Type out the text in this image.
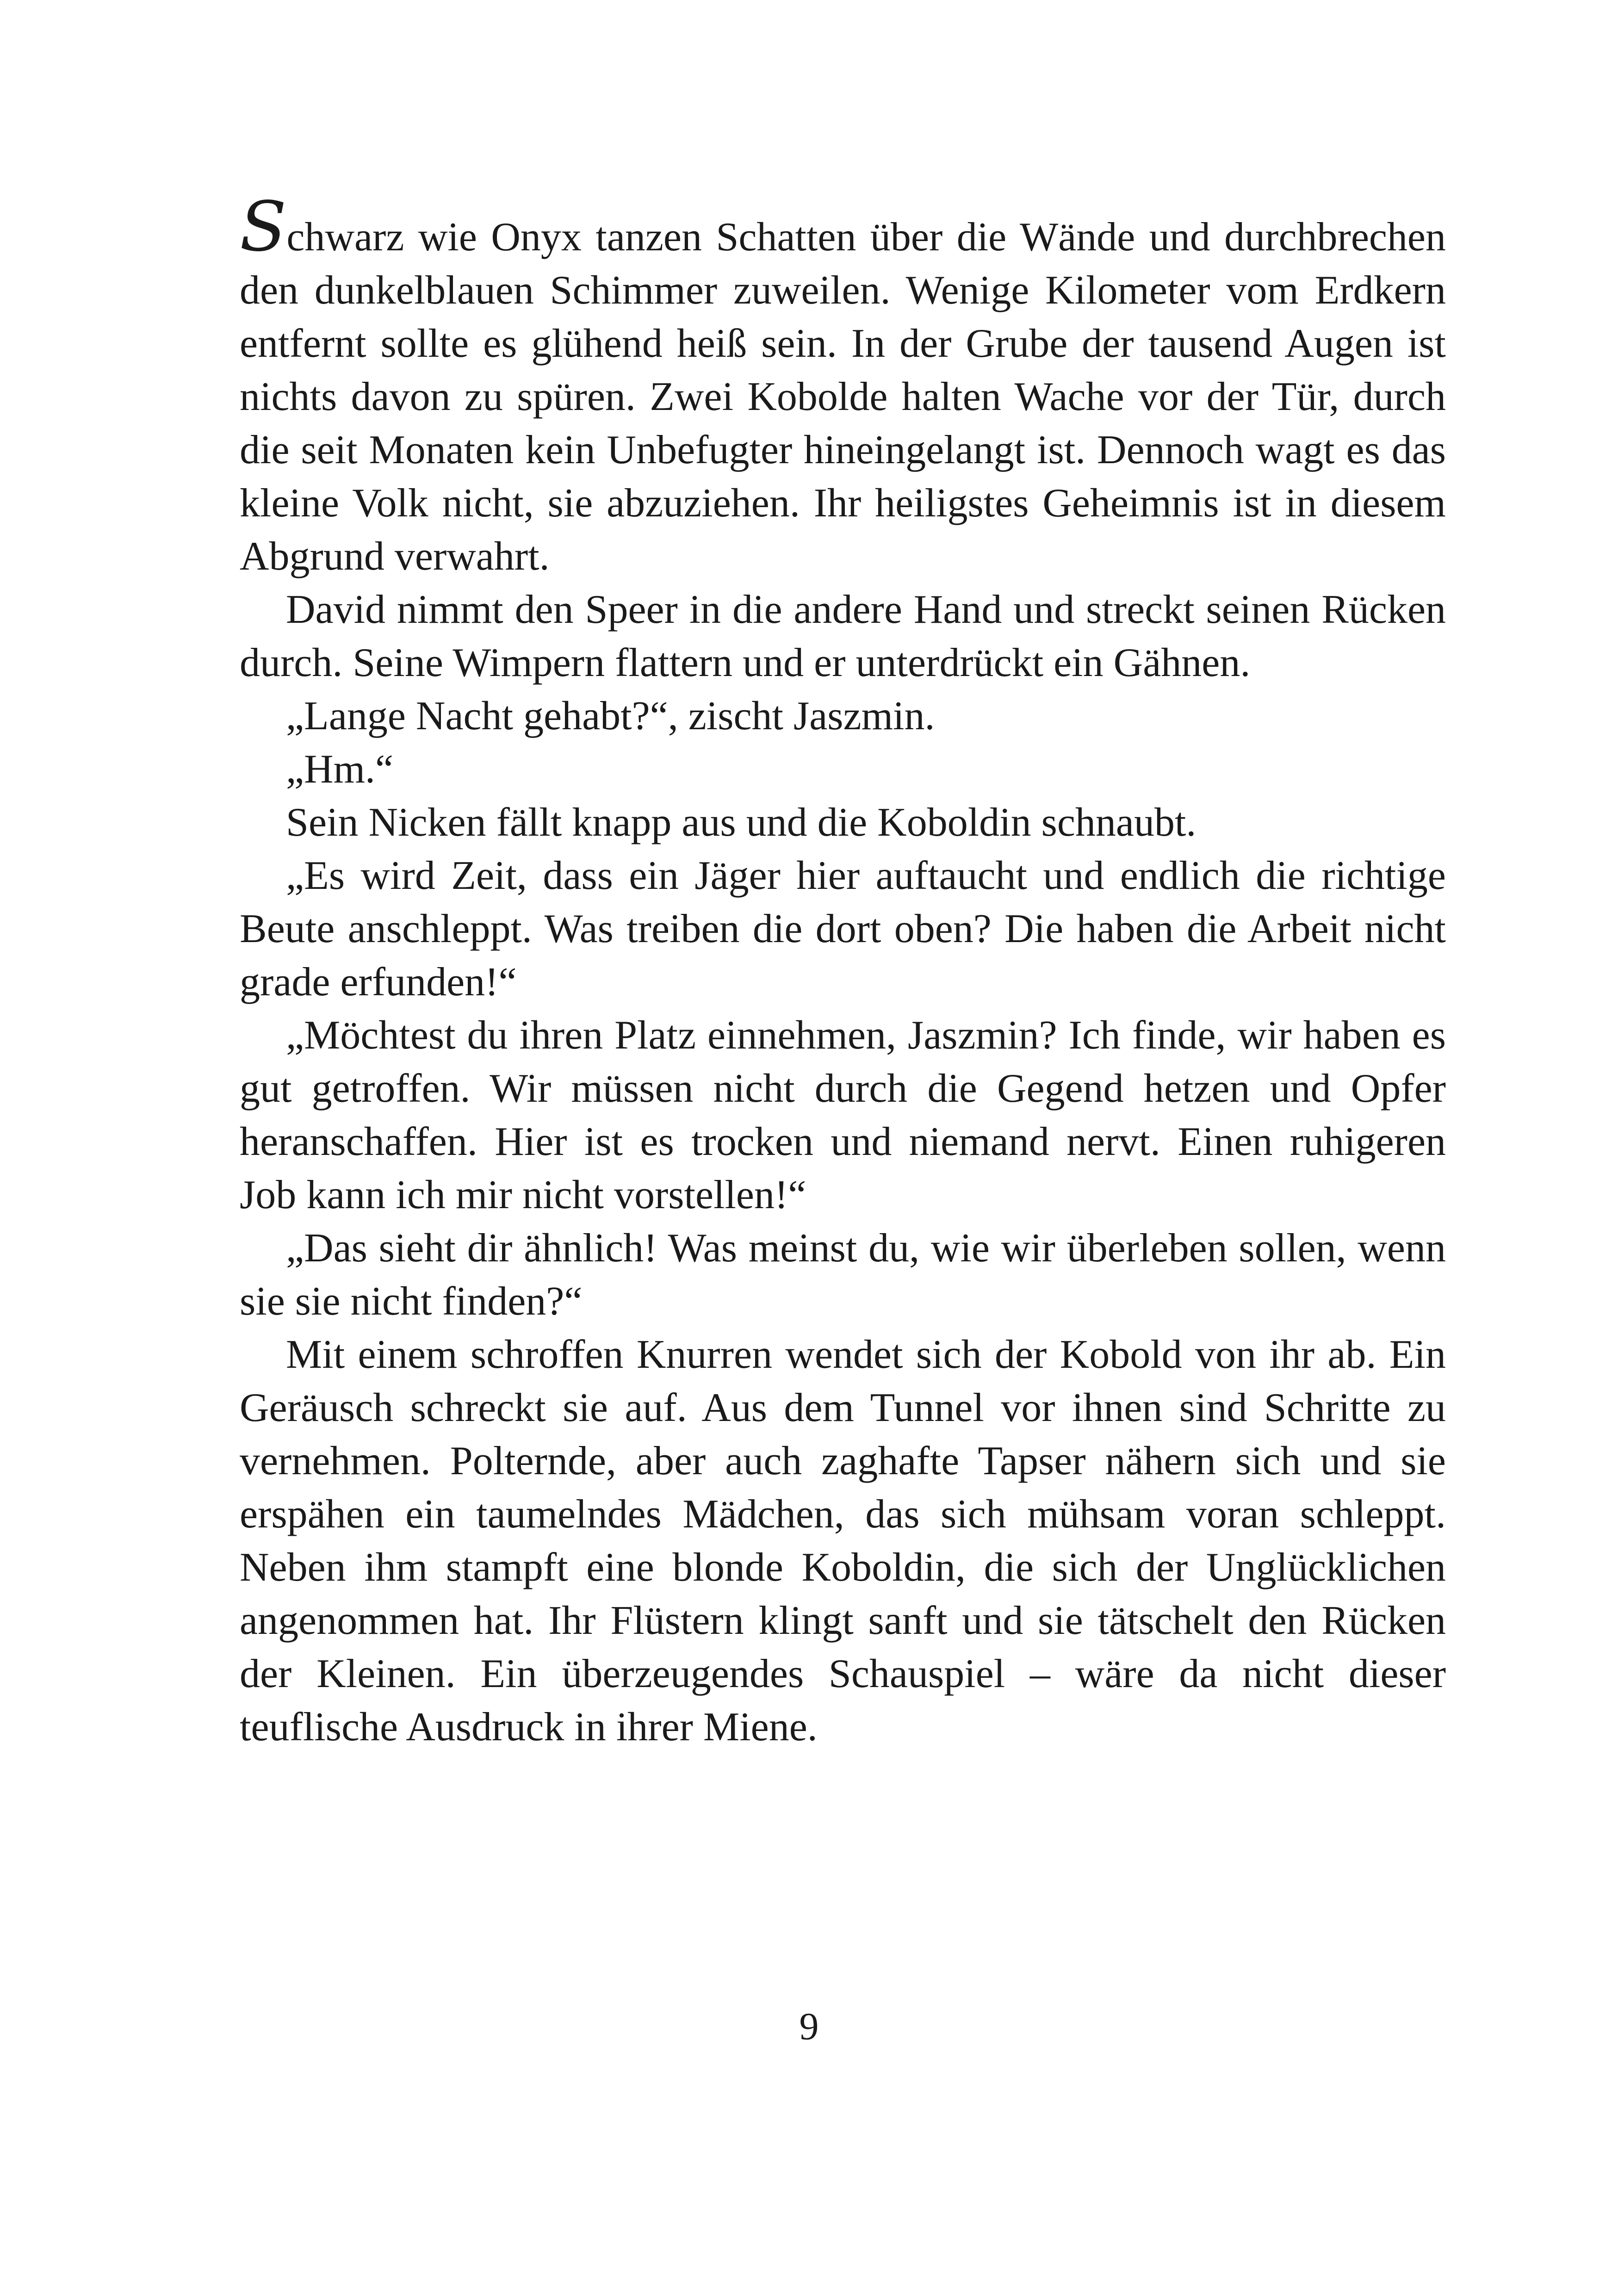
Schwarz wie Onyx tanzen Schatten über die Wände und durchbrechen den dunkelblauen Schimmer zuweilen. Wenige Kilometer vom Erdkern entfernt sollte es glühend heiß sein. In der Grube der tausend Augen ist nichts davon zu spüren. Zwei Kobolde halten Wache vor der Tür, durch die seit Monaten kein Unbefugter hineingelangt ist. Dennoch wagt es das kleine Volk nicht, sie abzuziehen. Ihr heiligstes Geheimnis ist in diesem Abgrund verwahrt.

David nimmt den Speer in die andere Hand und streckt seinen Rücken durch. Seine Wimpern flattern und er unterdrückt ein Gähnen.

„Lange Nacht gehabt?“, zischt Jaszmin.

„Hm.“

Sein Nicken fällt knapp aus und die Koboldin schnaubt.

„Es wird Zeit, dass ein Jäger hier auftaucht und endlich die richtige Beute anschleppt. Was treiben die dort oben? Die haben die Arbeit nicht grade erfunden!“

„Möchtest du ihren Platz einnehmen, Jaszmin? Ich finde, wir haben es gut getroffen. Wir müssen nicht durch die Gegend hetzen und Opfer heranschaffen. Hier ist es trocken und niemand nervt. Einen ruhigeren Job kann ich mir nicht vorstellen!“

„Das sieht dir ähnlich! Was meinst du, wie wir überleben sollen, wenn sie sie nicht finden?“

Mit einem schroffen Knurren wendet sich der Kobold von ihr ab. Ein Geräusch schreckt sie auf. Aus dem Tunnel vor ihnen sind Schritte zu vernehmen. Polternde, aber auch zaghafte Tapser nähern sich und sie erspähen ein taumelndes Mädchen, das sich mühsam voran schleppt. Neben ihm stampft eine blonde Koboldin, die sich der Unglücklichen angenommen hat. Ihr Flüstern klingt sanft und sie tätschelt den Rücken der Kleinen. Ein überzeugendes Schauspiel – wäre da nicht dieser teuflische Ausdruck in ihrer Miene.

9
